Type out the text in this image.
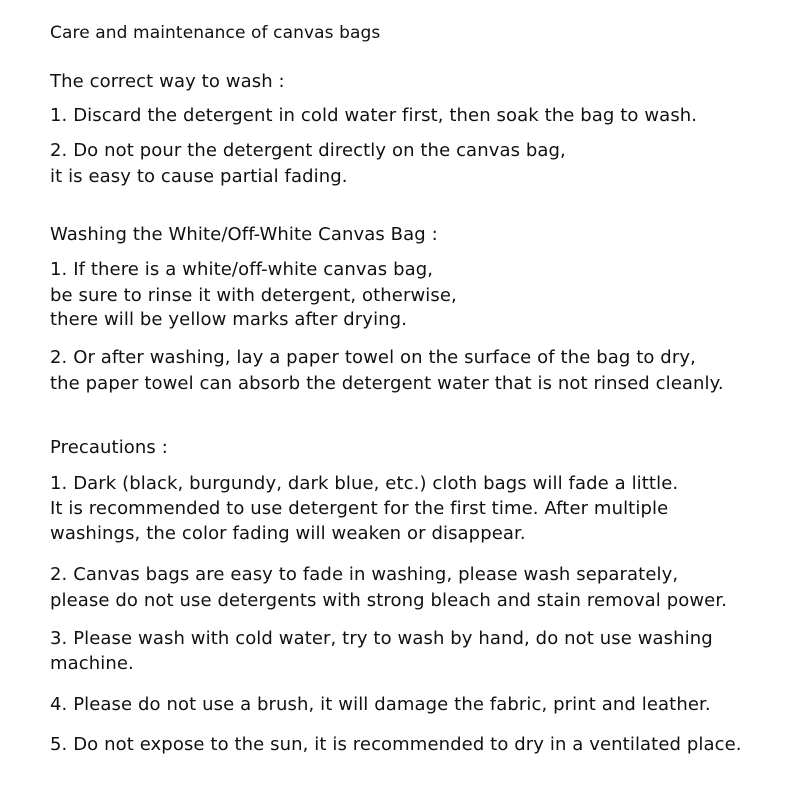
Care and maintenance of canvas bags
The correct way to wash :
1. Discard the detergent in cold water first, then soak the bag to wash.
2. Do not pour the detergent directly on the canvas bag,
it is easy to cause partial fading.
Washing the White/Off-White Canvas Bag :
1. If there is a white/off-white canvas bag,
be sure to rinse it with detergent, otherwise,
there will be yellow marks after drying.
2. Or after washing, lay a paper towel on the surface of the bag to dry,
the paper towel can absorb the detergent water that is not rinsed cleanly.
Precautions :
1. Dark (black, burgundy, dark blue, etc.) cloth bags will fade a little.
It is recommended to use detergent for the first time. After multiple
washings, the color fading will weaken or disappear.
2. Canvas bags are easy to fade in washing, please wash separately,
please do not use detergents with strong bleach and stain removal power.
3. Please wash with cold water, try to wash by hand, do not use washing
machine.
4. Please do not use a brush, it will damage the fabric, print and leather.
5. Do not expose to the sun, it is recommended to dry in a ventilated place.
